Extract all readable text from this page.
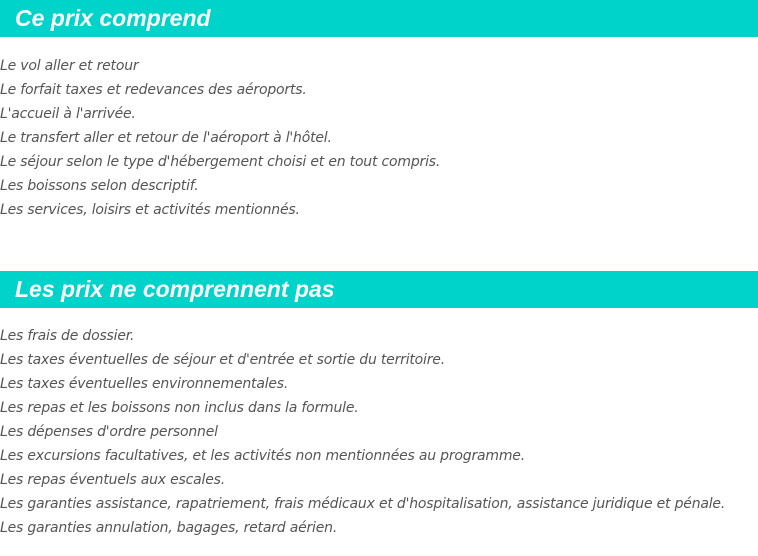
Ce prix comprend
Le vol aller et retour
Le forfait taxes et redevances des aéroports.
L'accueil à l'arrivée.
Le transfert aller et retour de l'aéroport à l'hôtel.
Le séjour selon le type d'hébergement choisi et en tout compris.
Les boissons selon descriptif.
Les services, loisirs et activités mentionnés.
Les prix ne comprennent pas
Les frais de dossier.
Les taxes éventuelles de séjour et d'entrée et sortie du territoire.
Les taxes éventuelles environnementales.
Les repas et les boissons non inclus dans la formule.
Les dépenses d'ordre personnel
Les excursions facultatives, et les activités non mentionnées au programme.
Les repas éventuels aux escales.
Les garanties assistance, rapatriement, frais médicaux et d'hospitalisation, assistance juridique et pénale.
Les garanties annulation, bagages, retard aérien.
